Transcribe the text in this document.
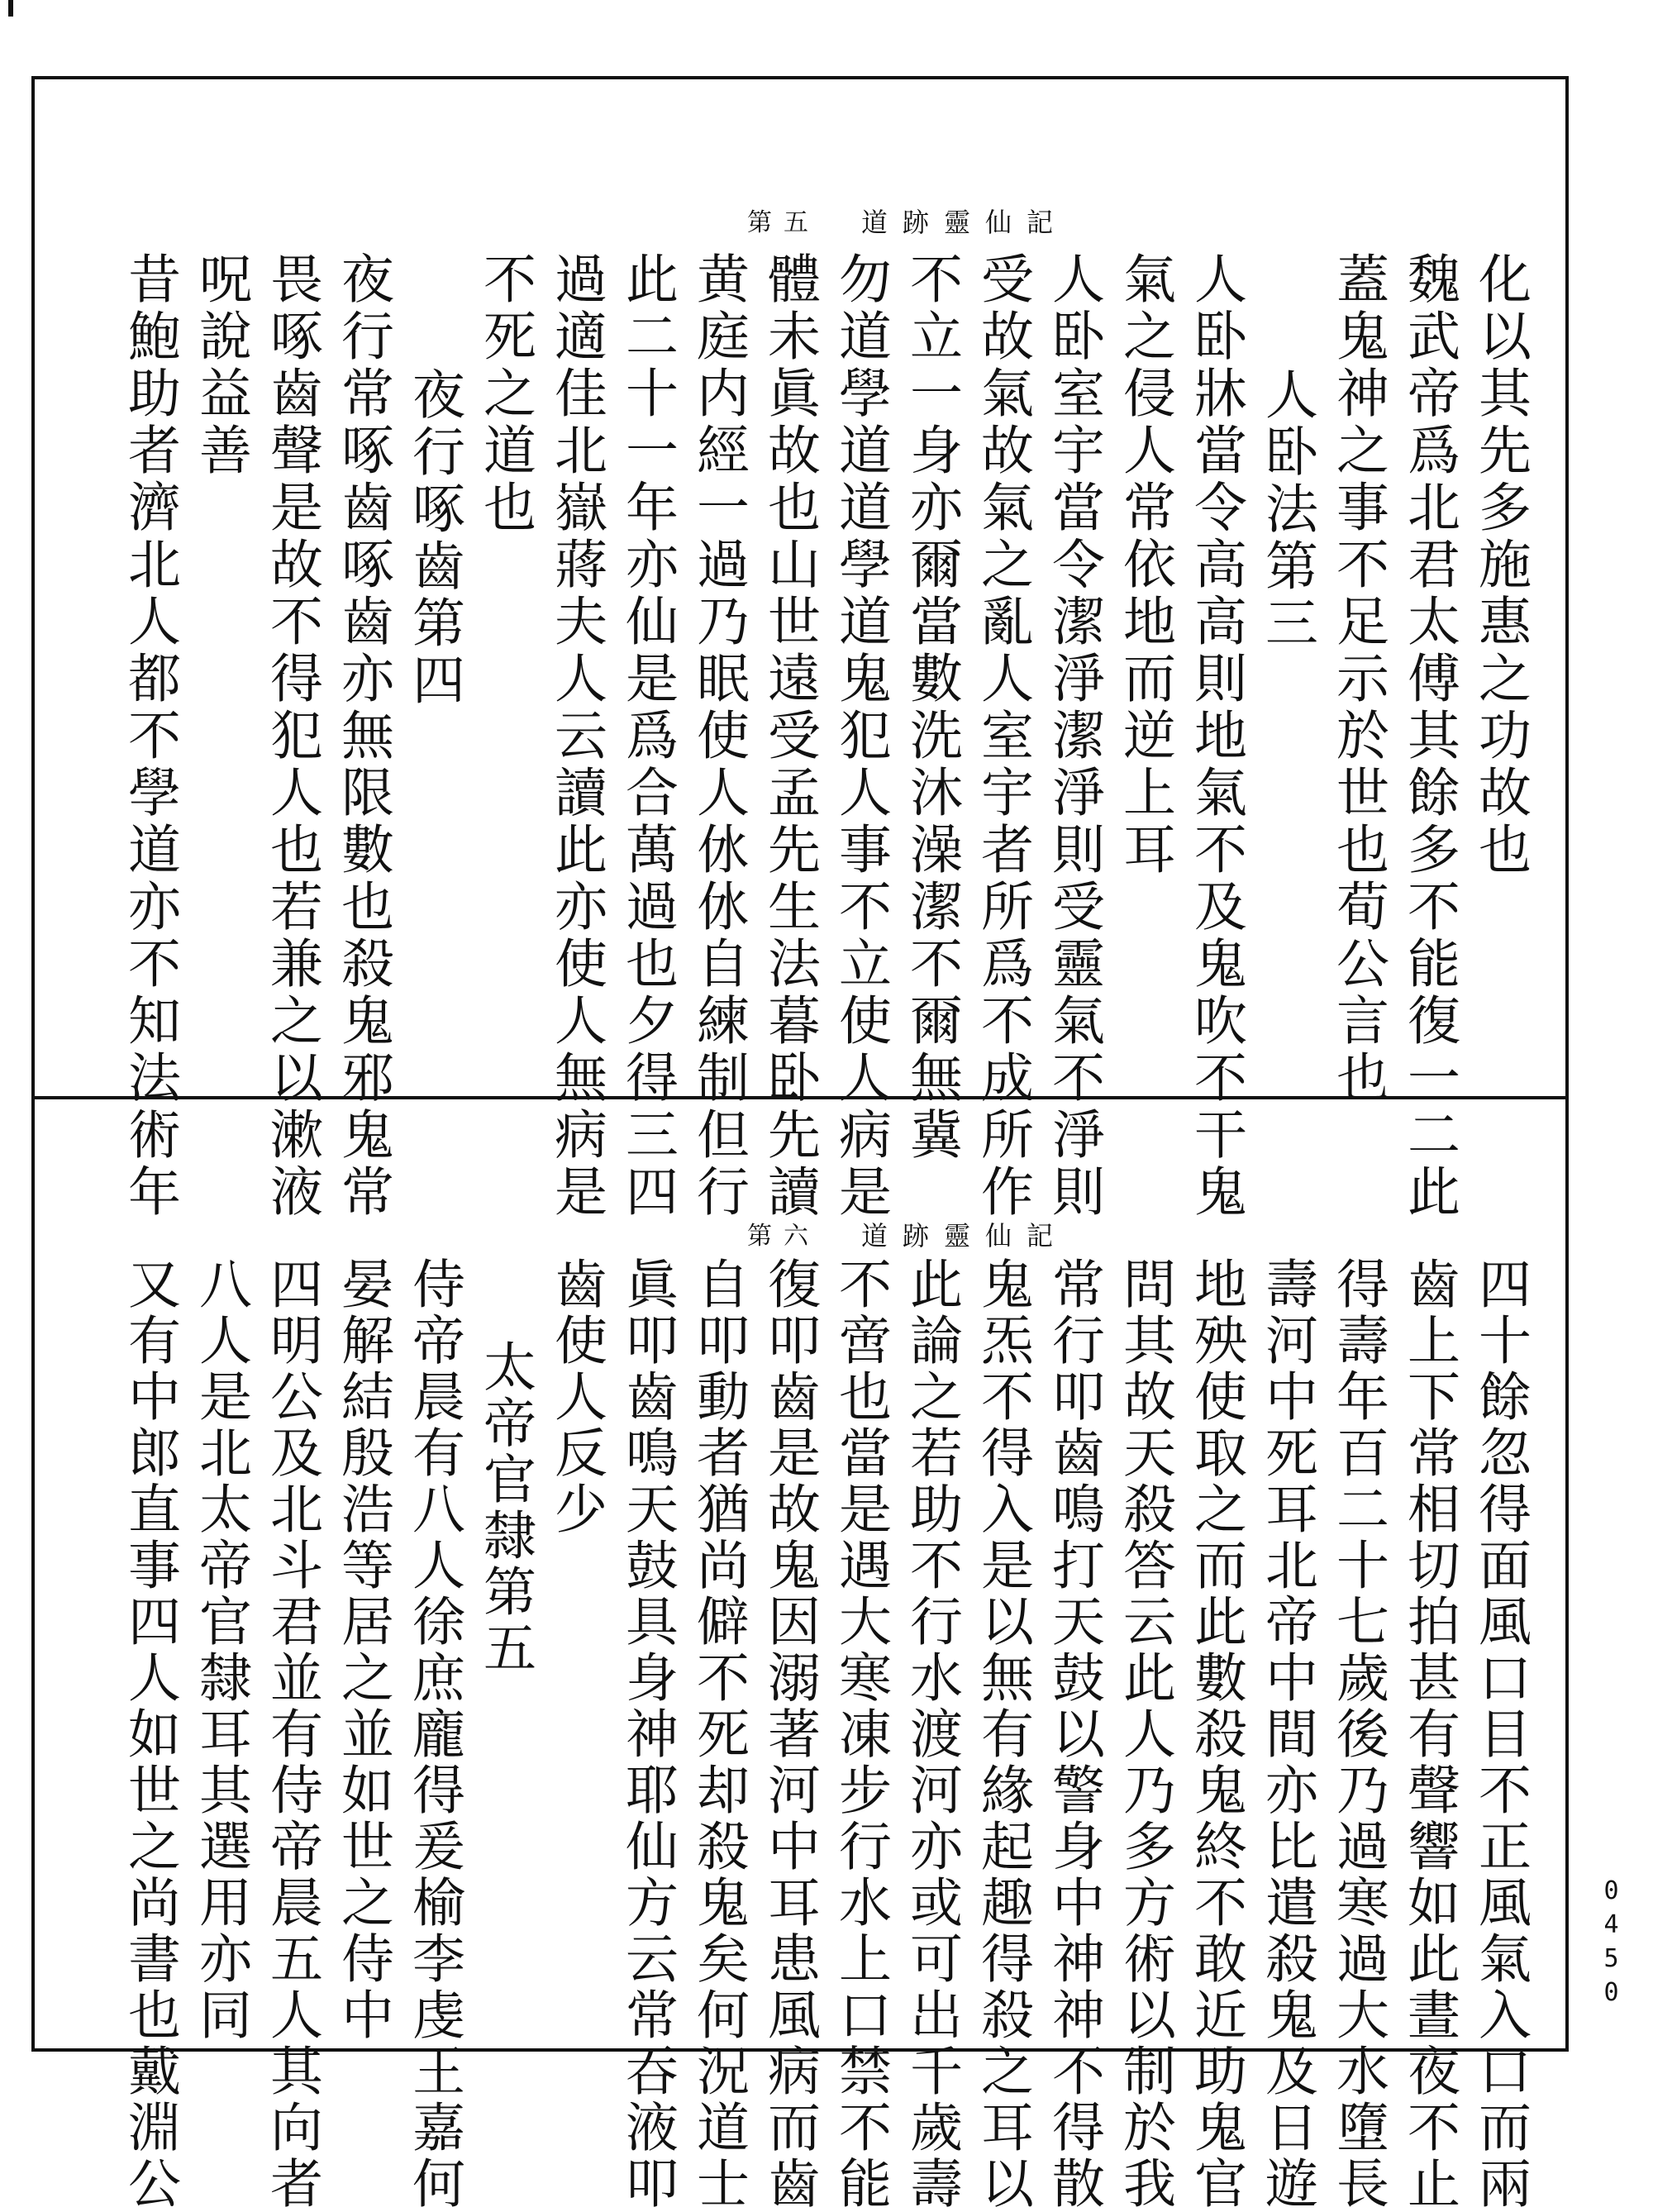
道跡靈仙記
第五
化以其先多施惠之功故也
魏武帝爲北君太傅其餘多不能復一二此
蓋鬼神之事不足示於世也荀公言也
人卧法第三
人卧牀當令高高則地氣不及鬼吹不干鬼
氣之侵人常依地而逆上耳
人卧室宇當令潔淨潔淨則受靈氣不淨則
受故氣故氣之亂人室宇者所爲不成所作
不立一身亦爾當數洗沐澡潔不爾無冀
勿道學道道學道鬼犯人事不立使人病是
體未眞故也山世遠受孟先生法暮卧先讀
黄庭内經一過乃眠使人㲻㲻自練制但行
此二十一年亦仙是爲合萬過也夕得三四
過適佳北嶽蔣夫人云讀此亦使人無病是
不死之道也
夜行啄齒第四
夜行常啄齒啄齒亦無限數也殺鬼邪鬼常
畏啄齒聲是故不得犯人也若兼之以漱液
呪說益善
昔鮑助者濟北人都不學道亦不知法術年
道跡靈仙記
第六
四十餘忽得面風口目不正風氣入口而兩
齒上下常相切拍甚有聲響如此晝夜不止
得壽年百二十七歲後乃過寒過大水墮長
壽河中死耳北帝中間亦比遣殺鬼及日遊
地殃使取之而此數殺鬼終不敢近助鬼官
問其故天殺答云此人乃多方術以制於我
常行叩齒鳴打天鼓以警身中神神不得散
鬼炁不得入是以無有緣起趣得殺之耳以
此論之若助不行水渡河亦或可出千歲壽
不啻也當是遇大寒凍步行水上口禁不能
復叩齒是故鬼因溺著河中耳患風病而齒
自叩動者猶尚僻不死却殺鬼矣何況道士
眞叩齒鳴天鼓具身神耶仙方云常吞液叩
齒使人反少
太帝官隸第五
侍帝晨有八人徐庶龐得爰榆李虔王嘉何
晏解結殷浩等居之並如世之侍中
四明公及北斗君並有侍帝晨五人其向者
八人是北太帝官隸耳其選用亦同
又有中郎直事四人如世之尚書也戴淵公	0450
